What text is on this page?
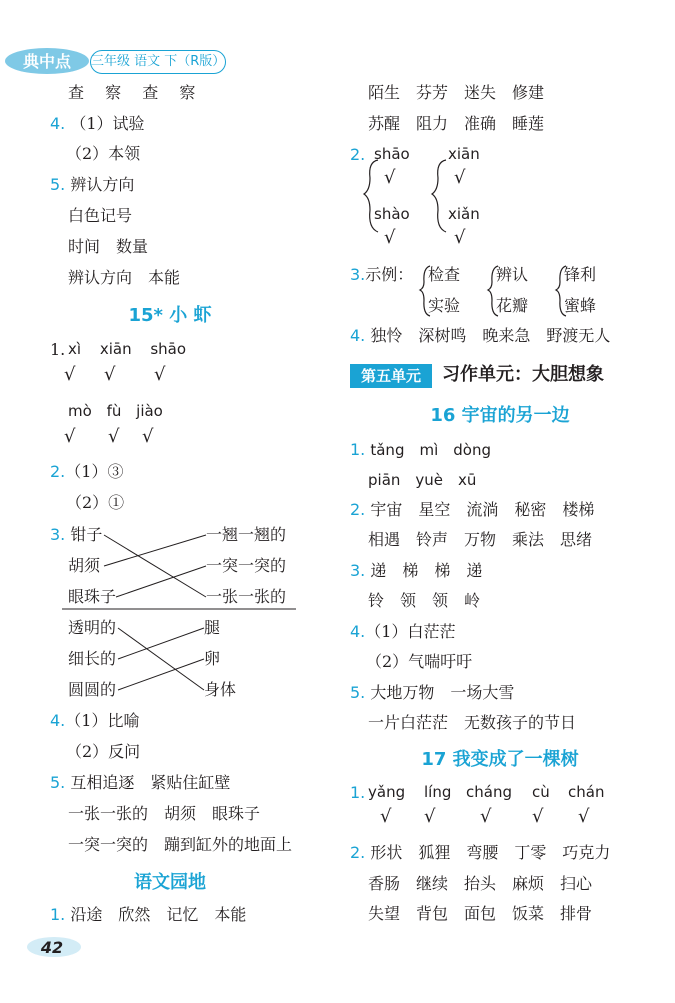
典中点 三年级 语文 下（R版）
查 察 查 察
4. （1）试验
（2）本领
5. 辨认方向
白色记号
时间　数量
辨认方向　本能
15* 小 虾
1. xì xiān shāo
√ √ √
mò fù jiào
√ √ √
2.（1）③
（2）①
3. 钳子
胡须
眼珠子
一翘一翘的
一突一突的
一张一张的
透明的
细长的
圆圆的
腿
卵
身体
4.（1）比喻
（2）反问
5. 互相追逐　紧贴住缸壁
一张一张的　胡须　眼珠子
一突一突的　蹦到缸外的地面上
语文园地
1. 沿途　欣然　记忆　本能
42
陌生　芬芳　迷失　修建
苏醒　阻力　准确　睡莲
2. shāo
√
shào
√
xiān
√
xiǎn
√
3.示例： 检查
实验
辨认
花瓣
锋利
蜜蜂
4. 独怜　深树鸣　晚来急　野渡无人
第五单元	习作单元：大胆想象
16 宇宙的另一边
1. tǎng　mì　dòng
piān　yuè　xū
2. 宇宙　星空　流淌　秘密　楼梯
相遇　铃声　万物　乘法　思绪
3. 递　梯　梯　递
铃　领　领　岭
4.（1）白茫茫
（2）气喘吁吁
5. 大地万物　一场大雪
一片白茫茫　无数孩子的节日
17 我变成了一棵树
1. yǎng líng cháng cù chán
√ √ √ √ √
2. 形状　狐狸　弯腰　丁零　巧克力
香肠　继续　抬头　麻烦　扫心
失望　背包　面包　饭菜　排骨
